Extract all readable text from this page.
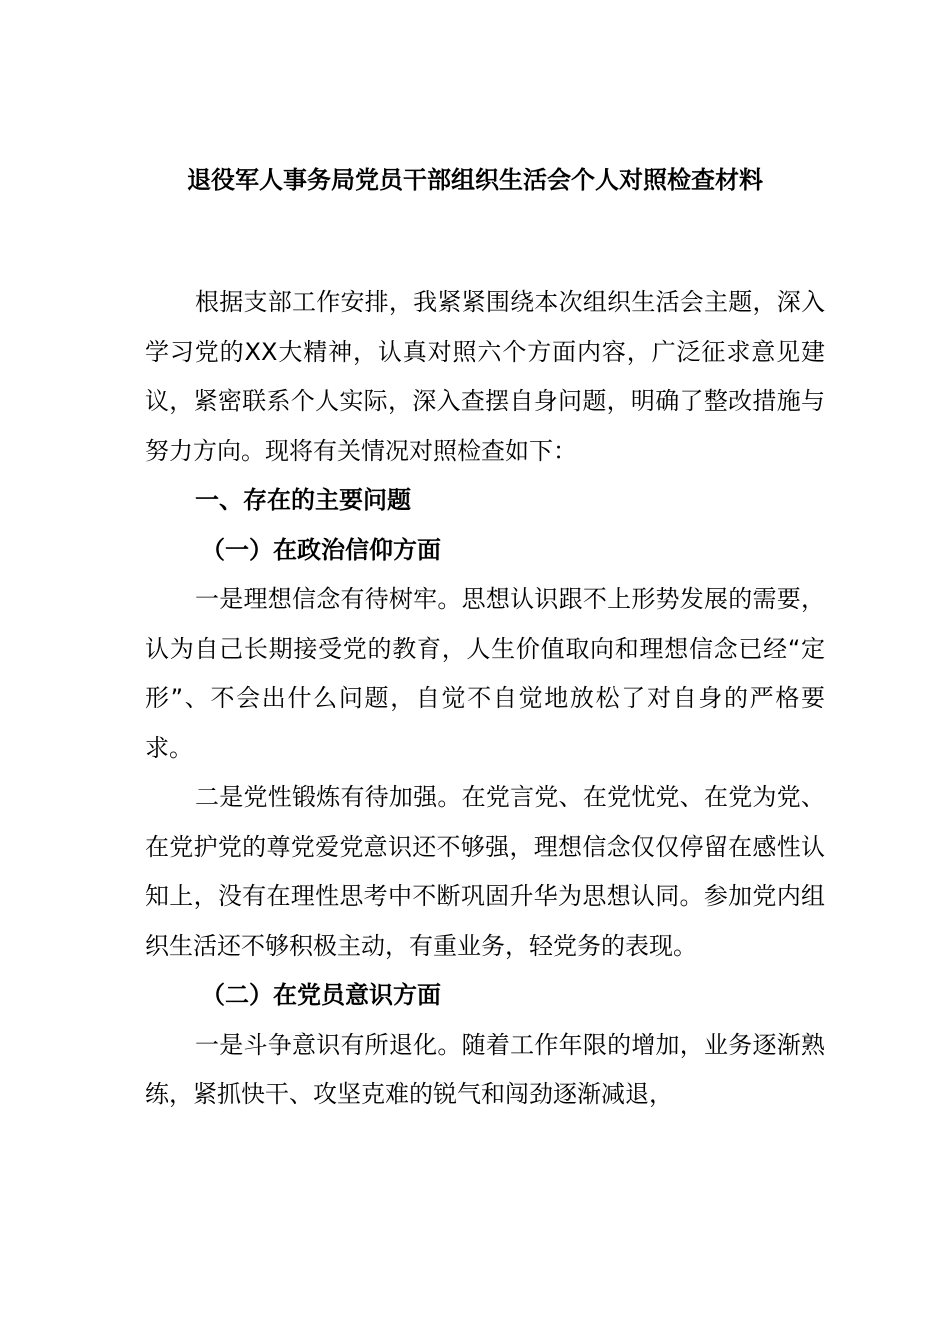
退役军人事务局党员干部组织生活会个人对照检查材料

根据支部工作安排，我紧紧围绕本次组织生活会主题，深入学习党的XX大精神，认真对照六个方面内容，广泛征求意见建议，紧密联系个人实际，深入查摆自身问题，明确了整改措施与努力方向。现将有关情况对照检查如下：

一、存在的主要问题

（一）在政治信仰方面

一是理想信念有待树牢。思想认识跟不上形势发展的需要，认为自己长期接受党的教育，人生价值取向和理想信念已经“定形”、不会出什么问题，自觉不自觉地放松了对自身的严格要求。

二是党性锻炼有待加强。在党言党、在党忧党、在党为党、在党护党的尊党爱党意识还不够强，理想信念仅仅停留在感性认知上，没有在理性思考中不断巩固升华为思想认同。参加党内组织生活还不够积极主动，有重业务，轻党务的表现。

（二）在党员意识方面

一是斗争意识有所退化。随着工作年限的增加，业务逐渐熟练，紧抓快干、攻坚克难的锐气和闯劲逐渐减退，
